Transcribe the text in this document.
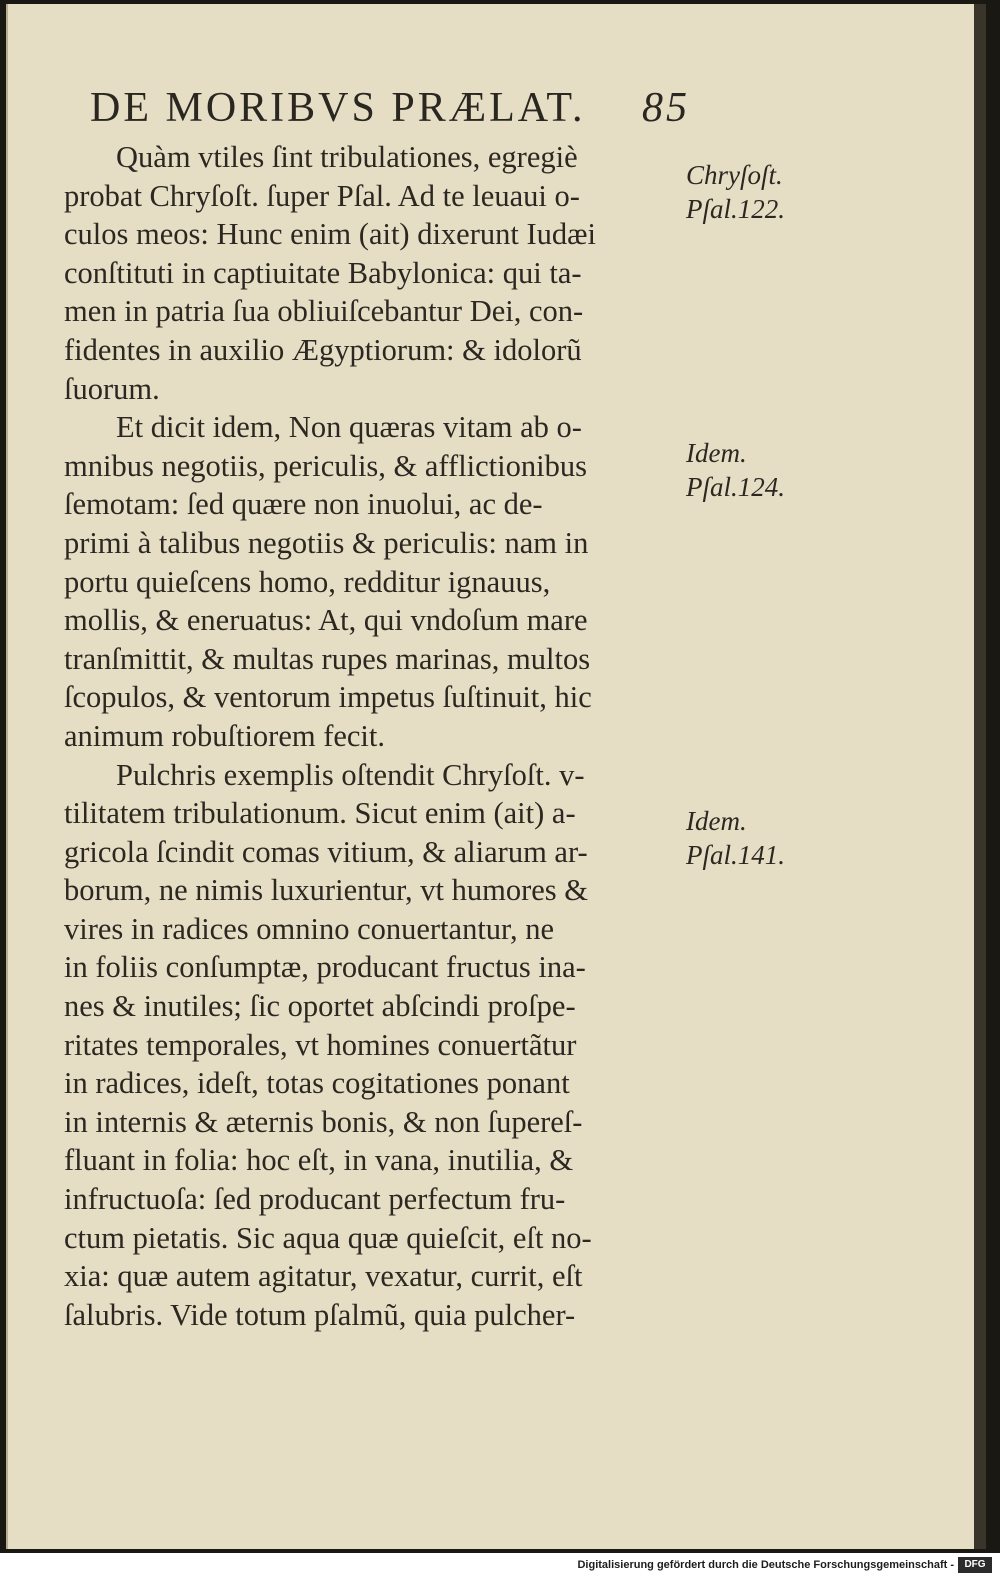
DE MORIBVS PRÆLAT. 85
Quàm vtiles ſint tribulationes, egregiè
probat Chryſoſt. ſuper Pſal. Ad te leuaui o-
culos meos: Hunc enim (ait) dixerunt Iudæi
conſtituti in captiuitate Babylonica: qui ta-
men in patria ſua obliuiſcebantur Dei, con-
fidentes in auxilio Ægyptiorum: & idolorũ
ſuorum.
Et dicit idem, Non quæras vitam ab o-
mnibus negotiis, periculis, & afflictionibus
ſemotam: ſed quære non inuolui, ac de-
primi à talibus negotiis & periculis: nam in
portu quieſcens homo, redditur ignauus,
mollis, & eneruatus: At, qui vndoſum mare
tranſmittit, & multas rupes marinas, multos
ſcopulos, & ventorum impetus ſuſtinuit, hic
animum robuſtiorem fecit.
Pulchris exemplis oſtendit Chryſoſt. v-
tilitatem tribulationum. Sicut enim (ait) a-
gricola ſcindit comas vitium, & aliarum ar-
borum, ne nimis luxurientur, vt humores &
vires in radices omnino conuertantur, ne
in foliis conſumptæ, producant fructus ina-
nes & inutiles; ſic oportet abſcindi proſpe-
ritates temporales, vt homines conuertãtur
in radices, ideſt, totas cogitationes ponant
in internis & æternis bonis, & non ſupereſ-
fluant in folia: hoc eſt, in vana, inutilia, &
infructuoſa: ſed producant perfectum fru-
ctum pietatis. Sic aqua quæ quieſcit, eſt no-
xia: quæ autem agitatur, vexatur, currit, eſt
ſalubris. Vide totum pſalmũ, quia pulcher-
Chryſoſt.
Pſal.122.
Idem.
Pſal.124.
Idem.
Pſal.141.
Digitalisierung gefördert durch die Deutsche Forschungsgemeinschaft -	DFG
